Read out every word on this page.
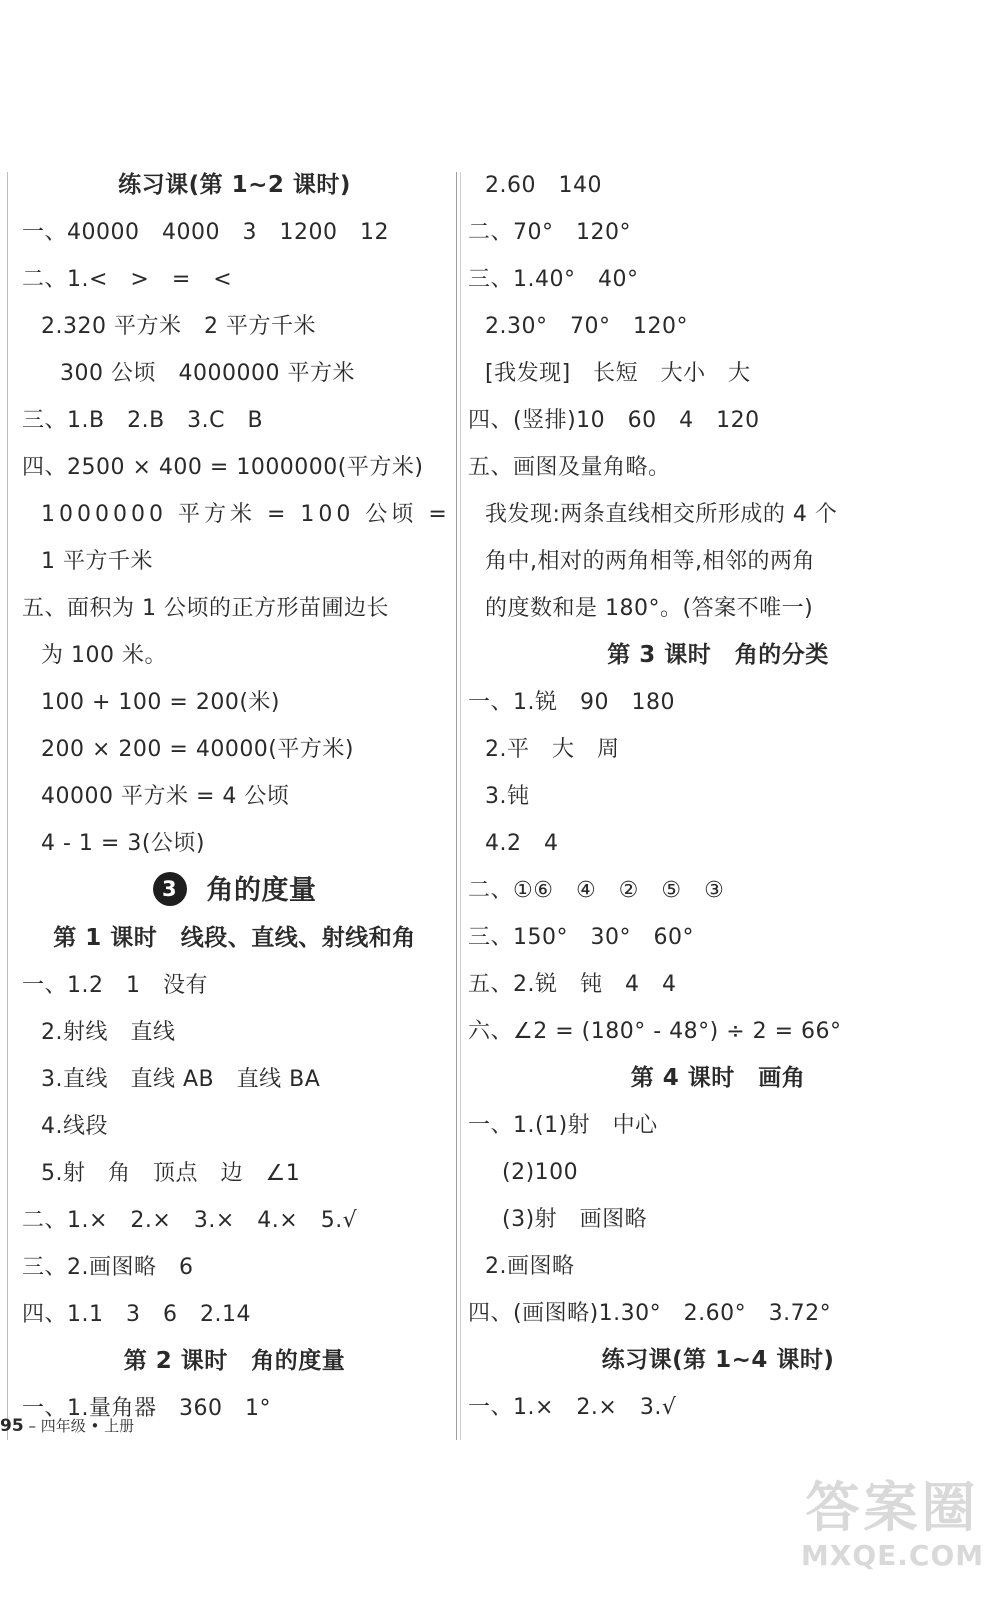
练习课(第 1~2 课时)
一、40000　4000　3　1200　12
二、1.<　>　=　<
2.320 平方米　2 平方千米
300 公顷　4000000 平方米
三、1.B　2.B　3.C　B
四、2500 × 400 = 1000000(平方米)
1000000 平方米 = 100 公顷 =
1 平方千米
五、面积为 1 公顷的正方形苗圃边长
为 100 米。
100 + 100 = 200(米)
200 × 200 = 40000(平方米)
40000 平方米 = 4 公顷
4 - 1 = 3(公顷)
3 角的度量
第 1 课时　线段、直线、射线和角
一、1.2　1　没有
2.射线　直线
3.直线　直线 AB　直线 BA
4.线段
5.射　角　顶点　边　∠1
二、1.×　2.×　3.×　4.×　5.√
三、2.画图略　6
四、1.1　3　6　2.14
第 2 课时　角的度量
一、1.量角器　360　1°
2.60　140
二、70°　120°
三、1.40°　40°
2.30°　70°　120°
[我发现]　长短　大小　大
四、(竖排)10　60　4　120
五、画图及量角略。
我发现:两条直线相交所形成的 4 个
角中,相对的两角相等,相邻的两角
的度数和是 180°。(答案不唯一)
第 3 课时　角的分类
一、1.锐　90　180
2.平　大　周
3.钝
4.2　4
二、①⑥　④　②　⑤　③
三、150°　30°　60°
五、2.锐　钝　4　4
六、∠2 = (180° - 48°) ÷ 2 = 66°
第 4 课时　画角
一、1.(1)射　中心
(2)100
(3)射　画图略
2.画图略
四、(画图略)1.30°　2.60°　3.72°
练习课(第 1~4 课时)
一、1.×　2.×　3.√
95 – 四年级 • 上册
答案圈
MXQE.COM
